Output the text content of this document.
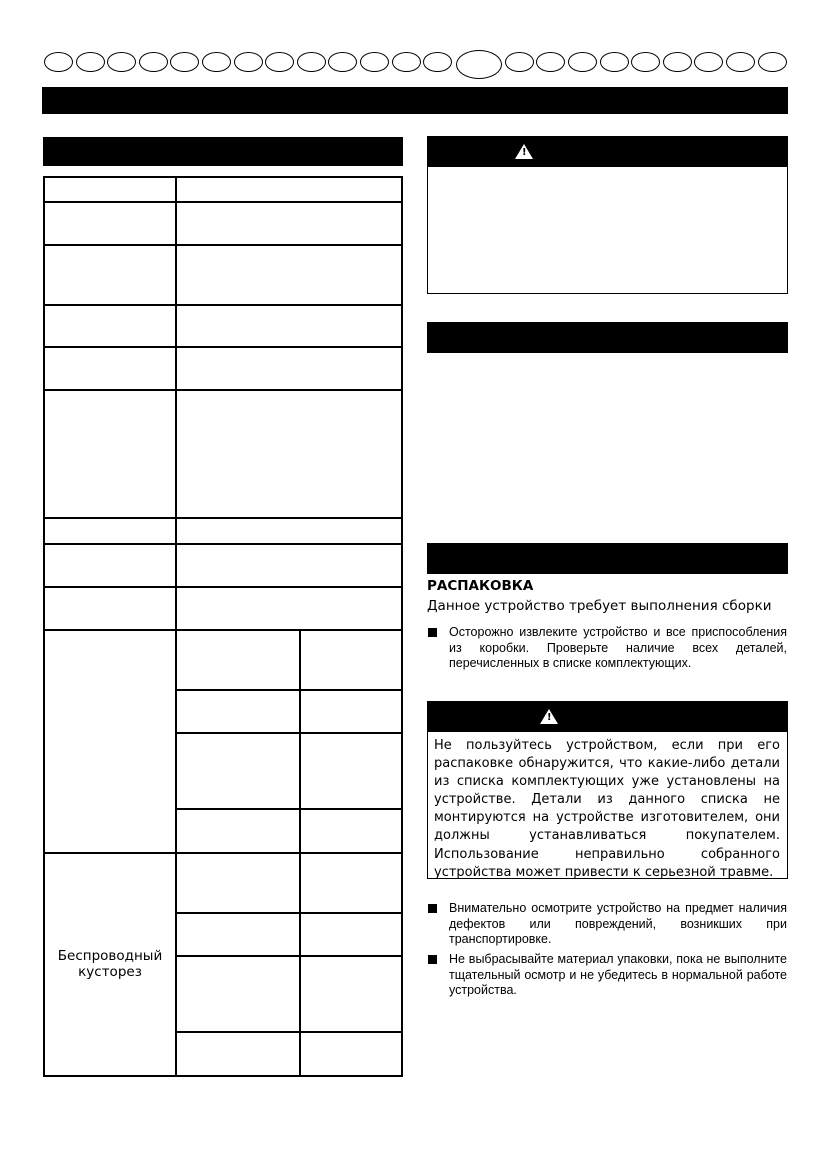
Беспроводный
кусторез
!
РАСПАКОВКА
Данное устройство требует выполнения сборки
Осторожно извлеките устройство и все приспособления из коробки. Проверьте наличие всех деталей, перечисленных в списке комплектующих.
!
Не пользуйтесь устройством, если при его распаковке обнаружится, что какие-либо детали из списка комплектующих уже установлены на устройстве. Детали из данного списка не монтируются на устройстве изготовителем, они должны устанавливаться покупателем. Использование неправильно собранного устройства может привести к серьезной травме.
Внимательно осмотрите устройство на предмет наличия дефектов или повреждений, возникших при транспортировке.
Не выбрасывайте материал упаковки, пока не выполните тщательный осмотр и не убедитесь в нормальной работе устройства.
